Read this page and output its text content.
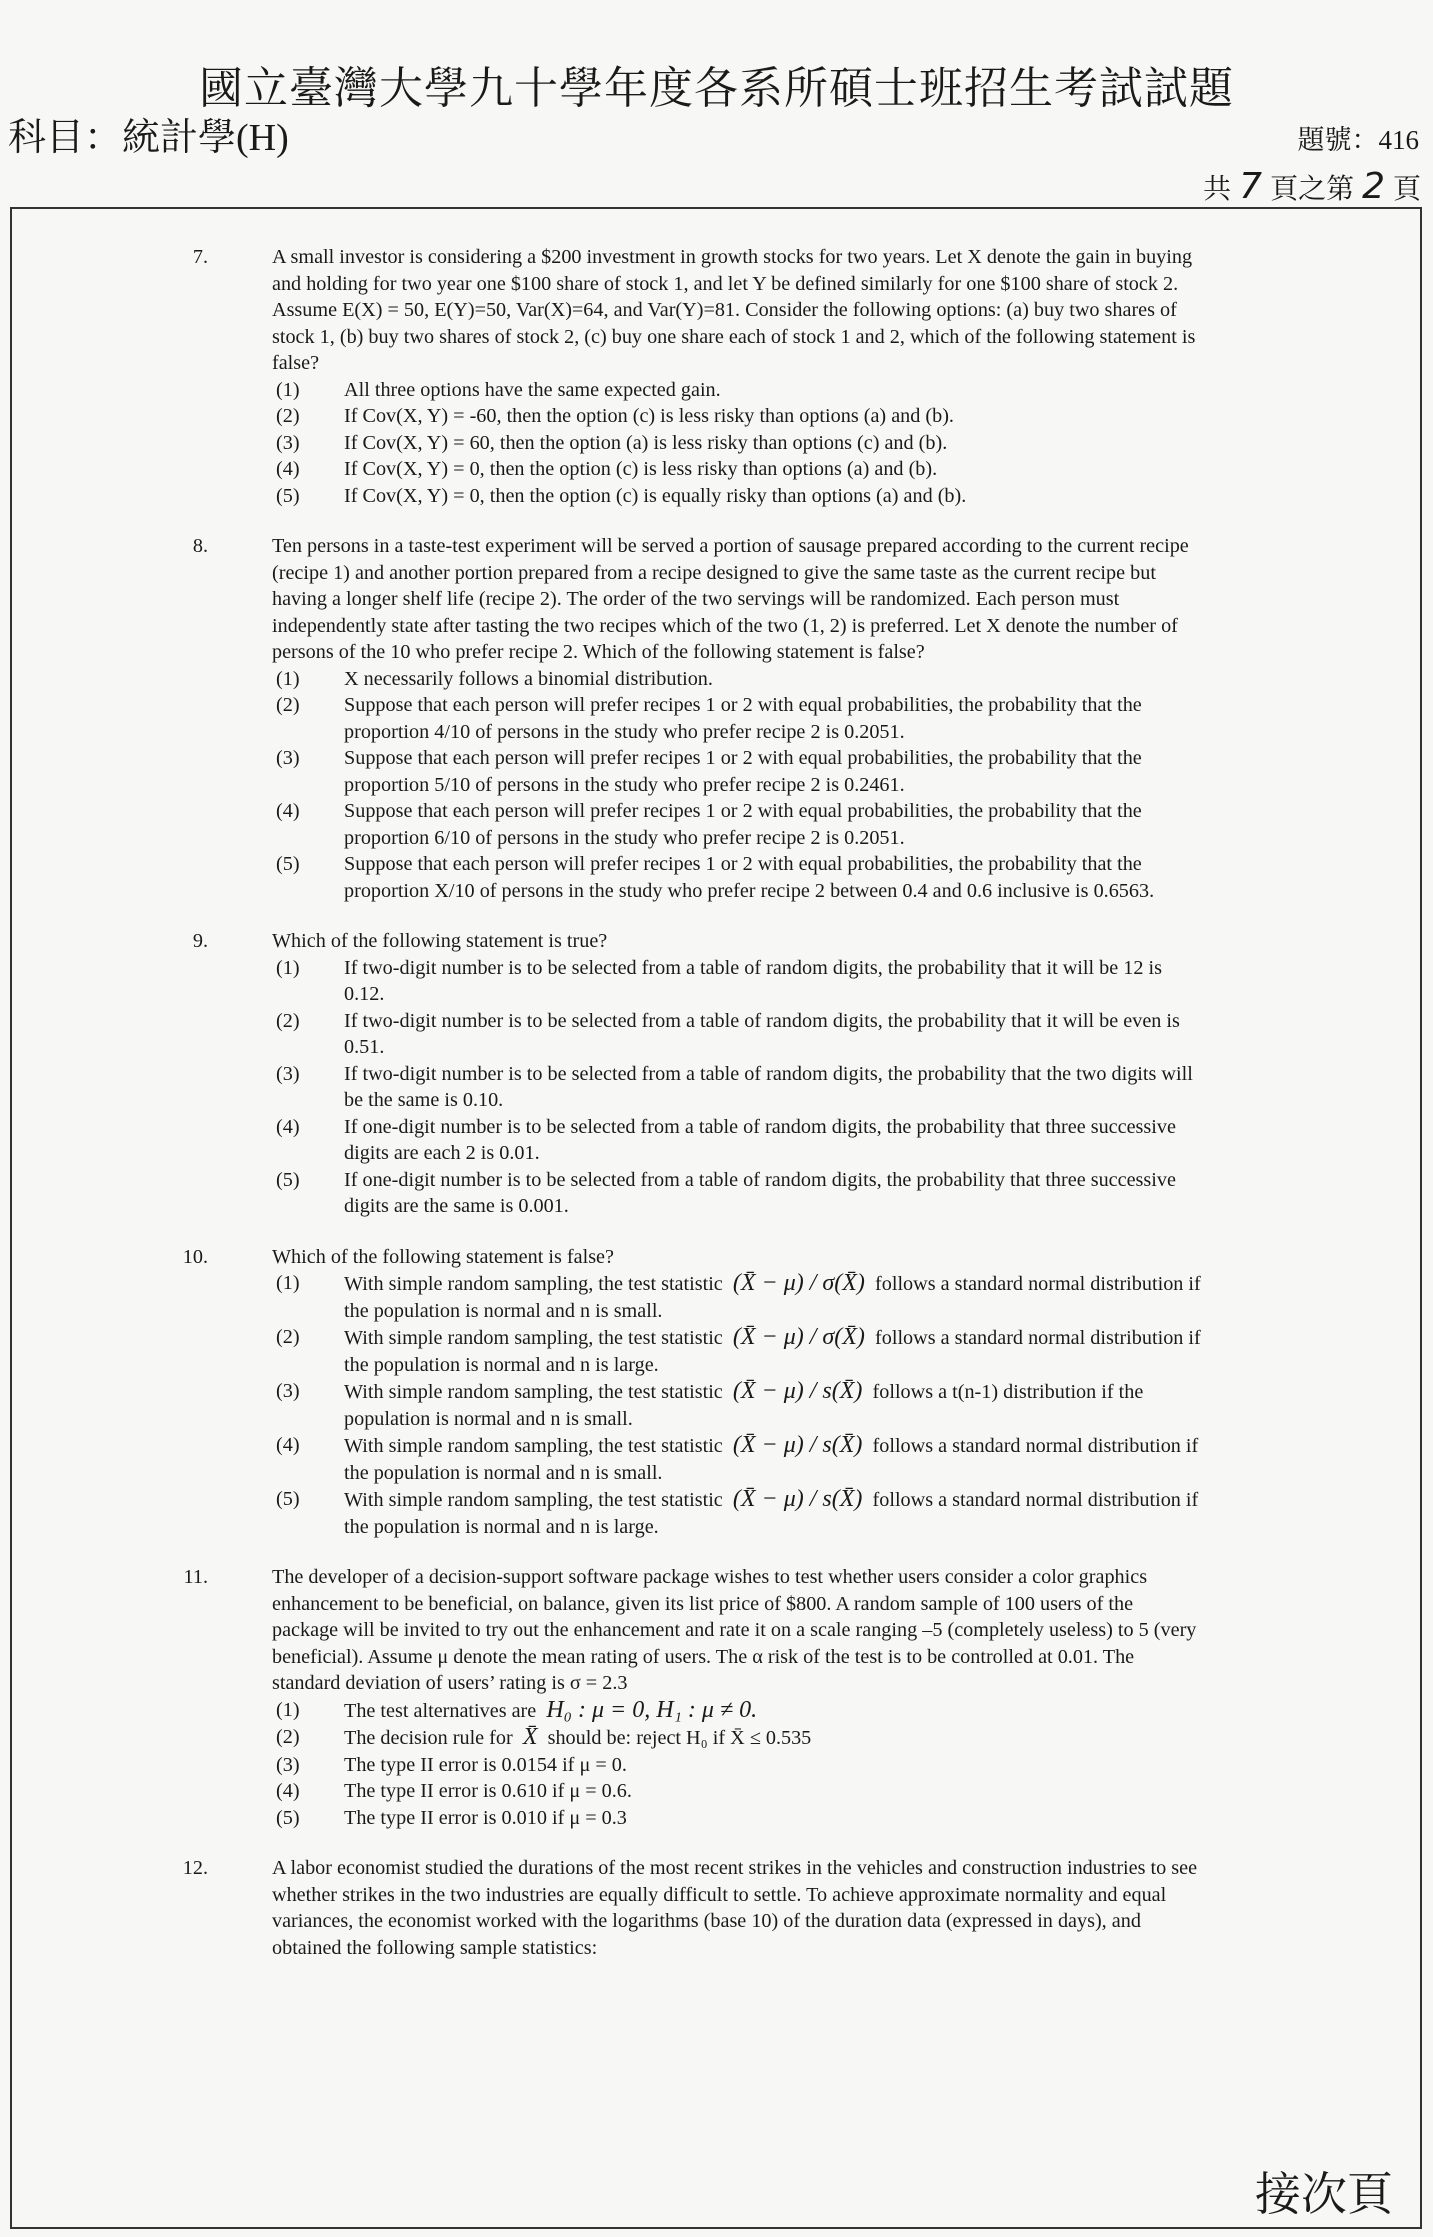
國立臺灣大學九十學年度各系所碩士班招生考試試題
科目：統計學(H)	題號：416
共 7 頁之第 2 頁
7.	A small investor is considering a $200 investment in growth stocks for two years. Let X denote the gain in buying and holding for two year one $100 share of stock 1, and let Y be defined similarly for one $100 share of stock 2. Assume E(X) = 50, E(Y)=50, Var(X)=64, and Var(Y)=81. Consider the following options: (a) buy two shares of stock 1, (b) buy two shares of stock 2, (c) buy one share each of stock 1 and 2, which of the following statement is false?
(1)	All three options have the same expected gain.
(2)	If Cov(X, Y) = -60, then the option (c) is less risky than options (a) and (b).
(3)	If Cov(X, Y) = 60, then the option (a) is less risky than options (c) and (b).
(4)	If Cov(X, Y) = 0, then the option (c) is less risky than options (a) and (b).
(5)	If Cov(X, Y) = 0, then the option (c) is equally risky than options (a) and (b).
8.	Ten persons in a taste-test experiment will be served a portion of sausage prepared according to the current recipe (recipe 1) and another portion prepared from a recipe designed to give the same taste as the current recipe but having a longer shelf life (recipe 2). The order of the two servings will be randomized. Each person must independently state after tasting the two recipes which of the two (1, 2) is preferred. Let X denote the number of persons of the 10 who prefer recipe 2. Which of the following statement is false?
(1)	X necessarily follows a binomial distribution.
(2)	Suppose that each person will prefer recipes 1 or 2 with equal probabilities, the probability that the proportion 4/10 of persons in the study who prefer recipe 2 is 0.2051.
(3)	Suppose that each person will prefer recipes 1 or 2 with equal probabilities, the probability that the proportion 5/10 of persons in the study who prefer recipe 2 is 0.2461.
(4)	Suppose that each person will prefer recipes 1 or 2 with equal probabilities, the probability that the proportion 6/10 of persons in the study who prefer recipe 2 is 0.2051.
(5)	Suppose that each person will prefer recipes 1 or 2 with equal probabilities, the probability that the proportion X/10 of persons in the study who prefer recipe 2 between 0.4 and 0.6 inclusive is 0.6563.
9.	Which of the following statement is true?
(1)	If two-digit number is to be selected from a table of random digits, the probability that it will be 12 is 0.12.
(2)	If two-digit number is to be selected from a table of random digits, the probability that it will be even is 0.51.
(3)	If two-digit number is to be selected from a table of random digits, the probability that the two digits will be the same is 0.10.
(4)	If one-digit number is to be selected from a table of random digits, the probability that three successive digits are each 2 is 0.01.
(5)	If one-digit number is to be selected from a table of random digits, the probability that three successive digits are the same is 0.001.
10.	Which of the following statement is false?
(1)	With simple random sampling, the test statistic (X̄ − μ) / σ(X̄) follows a standard normal distribution if the population is normal and n is small.
(2)	With simple random sampling, the test statistic (X̄ − μ) / σ(X̄) follows a standard normal distribution if the population is normal and n is large.
(3)	With simple random sampling, the test statistic (X̄ − μ) / s(X̄) follows a t(n-1) distribution if the population is normal and n is small.
(4)	With simple random sampling, the test statistic (X̄ − μ) / s(X̄) follows a standard normal distribution if the population is normal and n is small.
(5)	With simple random sampling, the test statistic (X̄ − μ) / s(X̄) follows a standard normal distribution if the population is normal and n is large.
11.	The developer of a decision-support software package wishes to test whether users consider a color graphics enhancement to be beneficial, on balance, given its list price of $800. A random sample of 100 users of the package will be invited to try out the enhancement and rate it on a scale ranging –5 (completely useless) to 5 (very beneficial). Assume μ denote the mean rating of users. The α risk of the test is to be controlled at 0.01. The standard deviation of users’ rating is σ = 2.3
(1)	The test alternatives are H₀ : μ = 0, H₁ : μ ≠ 0.
(2)	The decision rule for X̄ should be: reject H₀ if X̄ ≤ 0.535
(3)	The type II error is 0.0154 if μ = 0.
(4)	The type II error is 0.610 if μ = 0.6.
(5)	The type II error is 0.010 if μ = 0.3
12.	A labor economist studied the durations of the most recent strikes in the vehicles and construction industries to see whether strikes in the two industries are equally difficult to settle. To achieve approximate normality and equal variances, the economist worked with the logarithms (base 10) of the duration data (expressed in days), and obtained the following sample statistics:
接次頁
